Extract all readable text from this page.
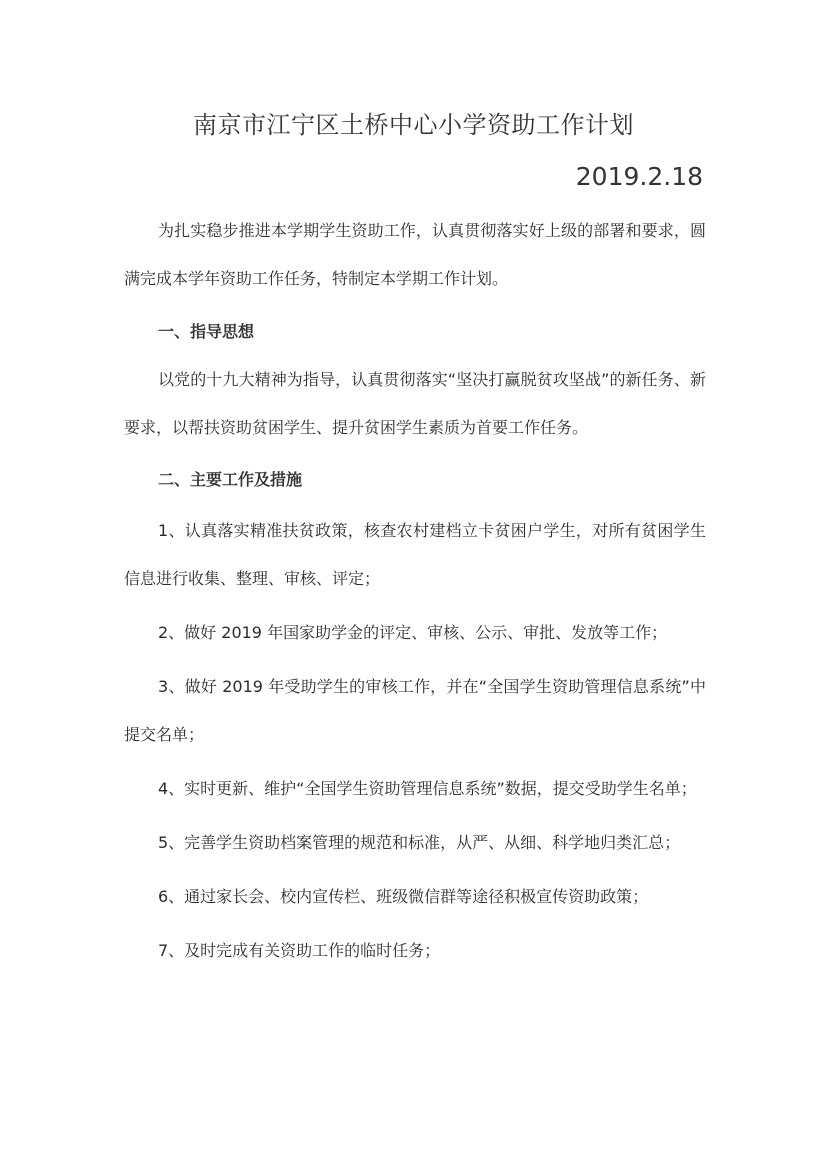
南京市江宁区土桥中心小学资助工作计划
2019.2.18

为扎实稳步推进本学期学生资助工作，认真贯彻落实好上级的部署和要求，圆满完成本学年资助工作任务，特制定本学期工作计划。

一、指导思想

以党的十九大精神为指导，认真贯彻落实“坚决打赢脱贫攻坚战”的新任务、新要求，以帮扶资助贫困学生、提升贫困学生素质为首要工作任务。

二、主要工作及措施

1、认真落实精准扶贫政策，核查农村建档立卡贫困户学生，对所有贫困学生信息进行收集、整理、审核、评定；

2、做好 2019 年国家助学金的评定、审核、公示、审批、发放等工作；

3、做好 2019 年受助学生的审核工作，并在“全国学生资助管理信息系统”中提交名单；

4、实时更新、维护“全国学生资助管理信息系统”数据，提交受助学生名单；

5、完善学生资助档案管理的规范和标准，从严、从细、科学地归类汇总；

6、通过家长会、校内宣传栏、班级微信群等途径积极宣传资助政策；

7、及时完成有关资助工作的临时任务；
